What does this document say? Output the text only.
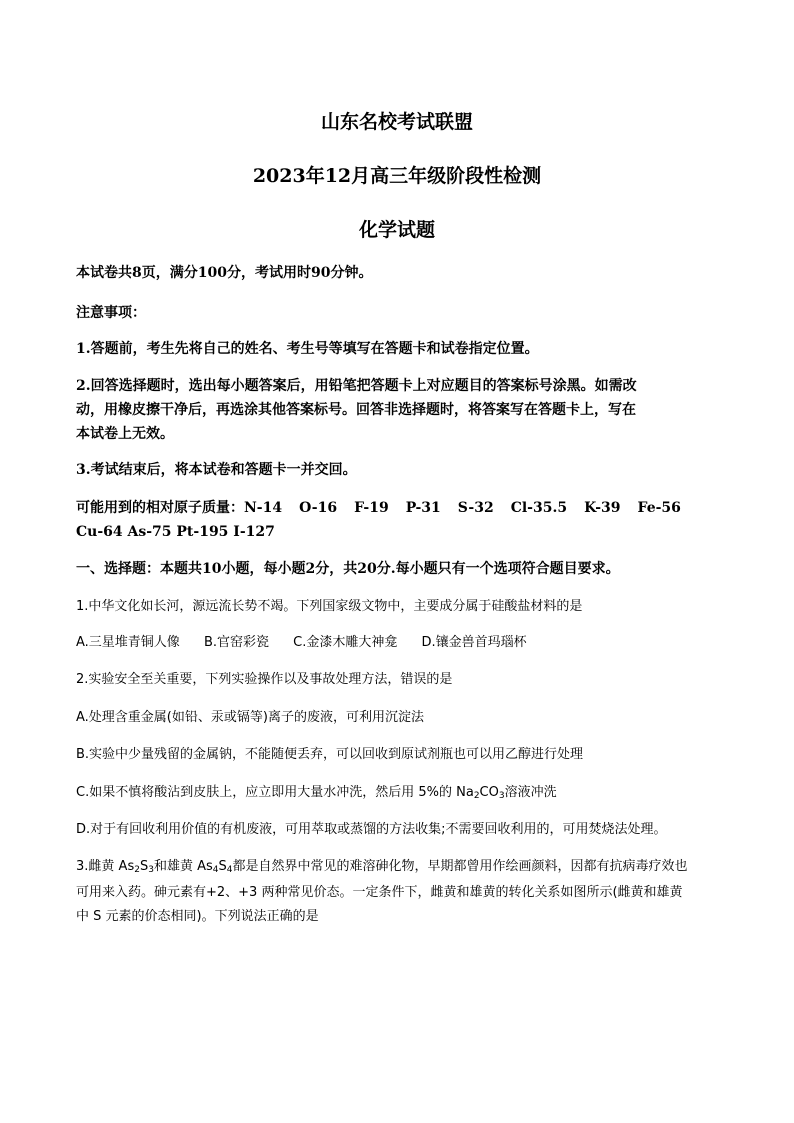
山东名校考试联盟
2023年12月高三年级阶段性检测
化学试题
本试卷共8页，满分100分，考试用时90分钟。
注意事项：
1.答题前，考生先将自己的姓名、考生号等填写在答题卡和试卷指定位置。
2.回答选择题时，选出每小题答案后，用铅笔把答题卡上对应题目的答案标号涂黑。如需改
动，用橡皮擦干净后，再选涂其他答案标号。回答非选择题时，将答案写在答题卡上，写在
本试卷上无效。
3.考试结束后，将本试卷和答题卡一并交回。
可能用到的相对原子质量：N-14 O-16 F-19 P-31 S-32 Cl-35.5 K-39 Fe-56
Cu-64 As-75 Pt-195 I-127
一、选择题：本题共10小题，每小题2分，共20分.每小题只有一个选项符合题目要求。
1.中华文化如长河，源远流长势不竭。下列国家级文物中，主要成分属于硅酸盐材料的是
A.三星堆青铜人像 B.官窑彩瓷 C.金漆木雕大神龛 D.镶金兽首玛瑙杯
2.实验安全至关重要，下列实验操作以及事故处理方法，错误的是
A.处理含重金属(如铅、汞或镉等)离子的废液，可利用沉淀法
B.实验中少量残留的金属钠，不能随便丢弃，可以回收到原试剂瓶也可以用乙醇进行处理
C.如果不慎将酸沾到皮肤上，应立即用大量水冲洗，然后用 5%的 $Na_2CO_3$溶液冲洗
D.对于有回收利用价值的有机废液，可用萃取或蒸馏的方法收集;不需要回收利用的，可用焚烧法处理。
3.雌黄 $As_2S_3$和雄黄 $As_4S_4$都是自然界中常见的难溶砷化物，早期都曾用作绘画颜料，因都有抗病毒疗效也
可用来入药。砷元素有+2、+3 两种常见价态。一定条件下，雌黄和雄黄的转化关系如图所示(雌黄和雄黄
中 S 元素的价态相同)。下列说法正确的是
